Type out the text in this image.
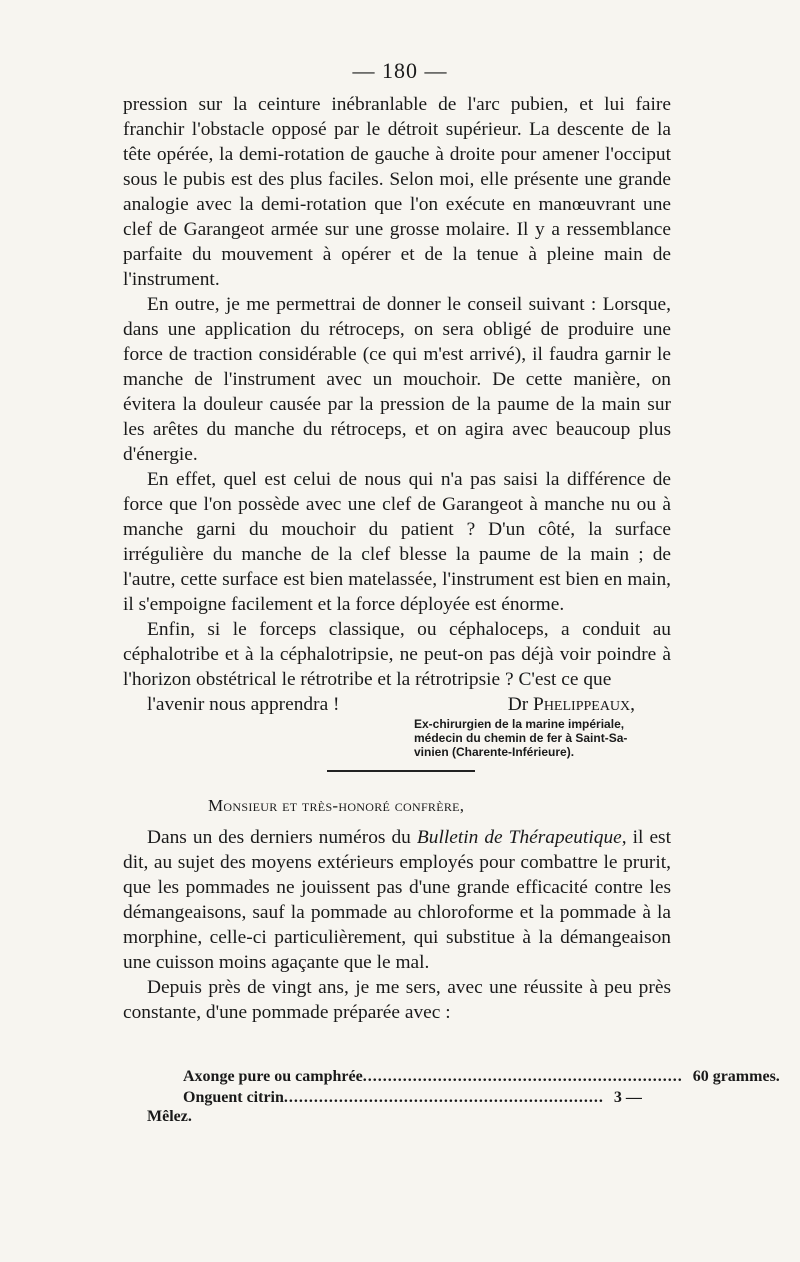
— 180 —

pression sur la ceinture inébranlable de l'arc pubien, et lui faire franchir l'obstacle opposé par le détroit supérieur. La descente de la tête opérée, la demi-rotation de gauche à droite pour amener l'occiput sous le pubis est des plus faciles. Selon moi, elle présente une grande analogie avec la demi-rotation que l'on exécute en manœuvrant une clef de Garangeot armée sur une grosse molaire. Il y a ressemblance parfaite du mouvement à opérer et de la tenue à pleine main de l'instrument.

En outre, je me permettrai de donner le conseil suivant : Lorsque, dans une application du rétroceps, on sera obligé de produire une force de traction considérable (ce qui m'est arrivé), il faudra garnir le manche de l'instrument avec un mouchoir. De cette manière, on évitera la douleur causée par la pression de la paume de la main sur les arêtes du manche du rétroceps, et on agira avec beaucoup plus d'énergie.

En effet, quel est celui de nous qui n'a pas saisi la différence de force que l'on possède avec une clef de Garangeot à manche nu ou à manche garni du mouchoir du patient ? D'un côté, la surface irrégulière du manche de la clef blesse la paume de la main ; de l'autre, cette surface est bien matelassée, l'instrument est bien en main, il s'empoigne facilement et la force déployée est énorme.

Enfin, si le forceps classique, ou céphaloceps, a conduit au céphalotribe et à la céphalotripsie, ne peut-on pas déjà voir poindre à l'horizon obstétrical le rétrotribe et la rétrotripsie ? C'est ce que
l'avenir nous apprendra !	Dr Phelippeaux,

Ex-chirurgien de la marine impériale,
médecin du chemin de fer à Saint-Sa-
vinien (Charente-Inférieure).
Monsieur et très-honoré confrère,

Dans un des derniers numéros du Bulletin de Thérapeutique, il est dit, au sujet des moyens extérieurs employés pour combattre le prurit, que les pommades ne jouissent pas d'une grande efficacité contre les démangeaisons, sauf la pommade au chloroforme et la pommade à la morphine, celle-ci particulièrement, qui substitue à la démangeaison une cuisson moins agaçante que le mal.

Depuis près de vingt ans, je me sers, avec une réussite à peu près constante, d'une pommade préparée avec :

Axonge pure ou camphrée ................................................................ 60 grammes.
Onguent citrin ................................................................ 3 —
Mêlez.
